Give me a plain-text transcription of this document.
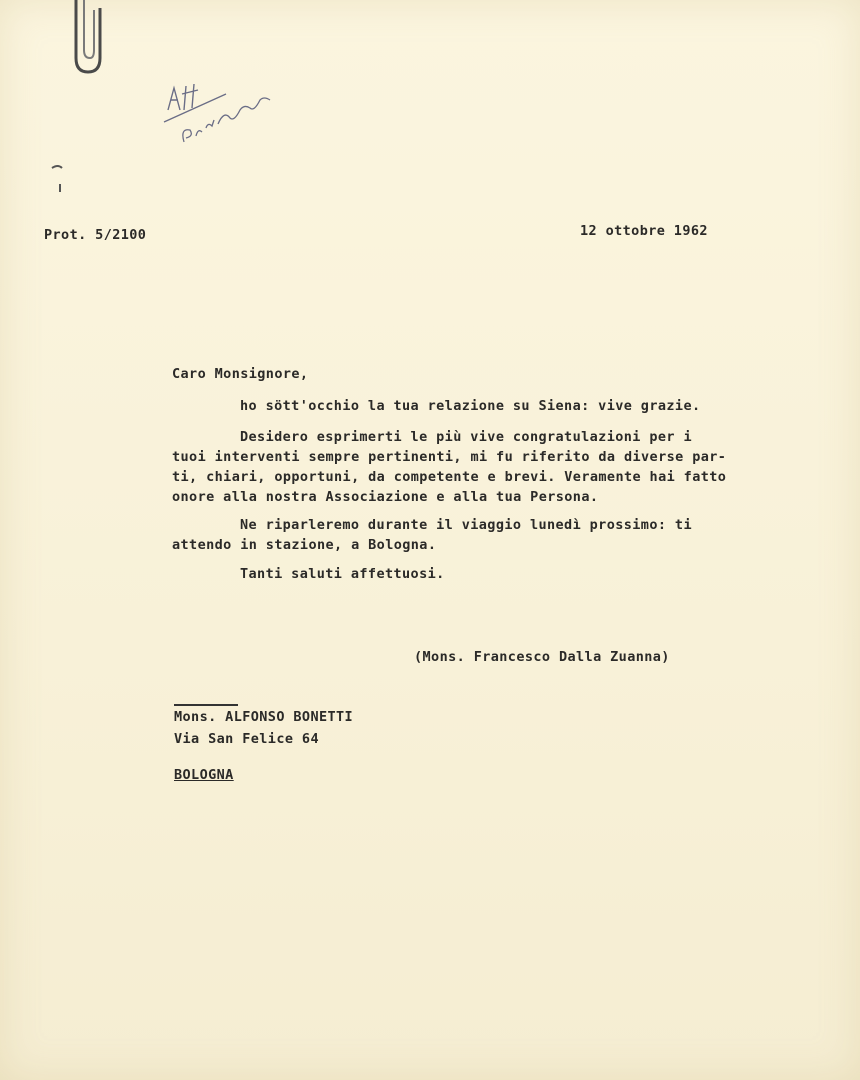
Prot. 5/2100	12 ottobre 1962
Caro Monsignore,
ho sött'occhio la tua relazione su Siena: vive grazie.
Desidero esprimerti le più vive congratulazioni per i
tuoi interventi sempre pertinenti, mi fu riferito da diverse par-
ti, chiari, opportuni, da competente e brevi. Veramente hai fatto
onore alla nostra Associazione e alla tua Persona.
Ne riparleremo durante il viaggio lunedì prossimo: ti
attendo in stazione, a Bologna.
Tanti saluti affettuosi.
(Mons. Francesco Dalla Zuanna)
Mons. ALFONSO BONETTI
Via San Felice 64
BOLOGNA
